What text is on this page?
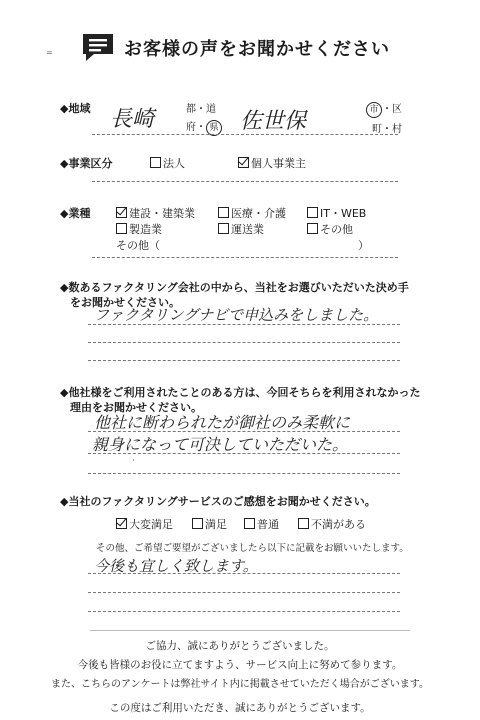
お客様の声をお聞かせください
=
◆地域 長崎	都・道
府・ 県 佐世保	市 ・区
町・村
◆事業区分	法人	個人事業主
◆業種	建設・建築業	医療・介護	IT・WEB
製造業	運送業	その他
その他（	）
◆数あるファクタリング会社の中から、当社をお選びいただいた決め手
をお聞かせください。
ファクタリングナビで申込みをしました。
◆他社様をご利用されたことのある方は、今回そちらを利用されなかった
理由をお聞かせください。
他社に断わられたが御社のみ柔軟に
親身になって可決していただいた。
·
◆当社のファクタリングサービスのご感想をお聞かせください。
大変満足	満足	普通	不満がある
その他、ご希望ご要望がございましたら以下に記載をお願いいたします。
今後も宜しく致します。
ご協力、誠にありがとうございました。
今後も皆様のお役に立てますよう、サービス向上に努めて参ります。
また、こちらのアンケートは弊社サイト内に掲載させていただく場合がございます。
この度はご利用いただき、誠にありがとうございます。
